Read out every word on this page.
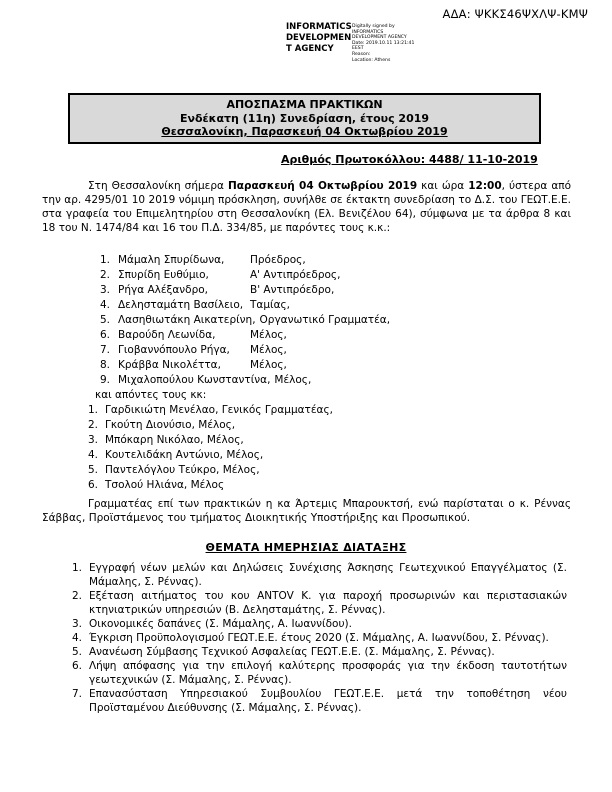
ΑΔΑ: ΨΚΚΣ46ΨΧΛΨ-ΚΜΨ
INFORMATICS
DEVELOPMEN
T AGENCY
Digitally signed by
INFORMATICS
DEVELOPMENT AGENCY
Date: 2019.10.11 13:21:41
EEST
Reason:
Location: Athens
ΑΠΟΣΠΑΣΜΑ ΠΡΑΚΤΙΚΩΝ
Ενδέκατη (11η) Συνεδρίαση, έτους 2019
Θεσσαλονίκη, Παρασκευή 04 Οκτωβρίου 2019
Αριθμός Πρωτοκόλλου: 4488/ 11-10-2019
Στη Θεσσαλονίκη σήμερα Παρασκευή 04 Οκτωβρίου 2019 και ώρα 12:00, ύστερα από την αρ. 4295/01 10 2019 νόμιμη πρόσκληση, συνήλθε σε έκτακτη συνεδρίαση το Δ.Σ. του ΓΕΩΤ.Ε.Ε. στα γραφεία του Επιμελητηρίου στη Θεσσαλονίκη (Ελ. Βενιζέλου 64), σύμφωνα με τα άρθρα 8 και 18 του Ν. 1474/84 και 16 του Π.Δ. 334/85, με παρόντες τους κ.κ.:
1. Μάμαλη Σπυρίδωνα,	Πρόεδρος,
2. Σπυρίδη Ευθύμιο,	Α' Αντιπρόεδρος,
3. Ρήγα Αλέξανδρο,	Β' Αντιπρόεδρο,
4. Δελησταμάτη Βασίλειο, Ταμίας,
5. Λασηθιωτάκη Αικατερίνη, Οργανωτικό Γραμματέα,
6. Βαρούδη Λεωνίδα,	Μέλος,
7. Γιοβαννόπουλο Ρήγα,	Μέλος,
8. Κράββα Νικολέττα,	Μέλος,
9. Μιχαλοπούλου Κωνσταντίνα, Μέλος,
και απόντες τους κκ:
1. Γαρδικιώτη Μενέλαο, Γενικός Γραμματέας,
2. Γκούτη Διονύσιο, Μέλος,
3. Μπόκαρη Νικόλαο, Μέλος,
4. Κουτελιδάκη Αντώνιο, Μέλος,
5. Παντελόγλου Τεύκρο, Μέλος,
6. Τσολού Ηλιάνα, Μέλος
Γραμματέας επί των πρακτικών η κα Άρτεμις Μπαρουκτσή, ενώ παρίσταται ο κ. Ρέννας Σάββας, Προϊστάμενος του τμήματος Διοικητικής Υποστήριξης και Προσωπικού.
ΘΕΜΑΤΑ ΗΜΕΡΗΣΙΑΣ ΔΙΑΤΑΞΗΣ
1. Εγγραφή νέων μελών και Δηλώσεις Συνέχισης Άσκησης Γεωτεχνικού Επαγγέλματος (Σ. Μάμαλης, Σ. Ρέννας).
2. Εξέταση αιτήματος του κου ANTOV Κ. για παροχή προσωρινών και περιστασιακών κτηνιατρικών υπηρεσιών (Β. Δελησταμάτης, Σ. Ρέννας).
3. Οικονομικές δαπάνες (Σ. Μάμαλης, Α. Ιωαννίδου).
4. Έγκριση Προϋπολογισμού ΓΕΩΤ.Ε.Ε. έτους 2020 (Σ. Μάμαλης, Α. Ιωαννίδου, Σ. Ρέννας).
5. Ανανέωση Σύμβασης Τεχνικού Ασφαλείας ΓΕΩΤ.Ε.Ε. (Σ. Μάμαλης, Σ. Ρέννας).
6. Λήψη απόφασης για την επιλογή καλύτερης προσφοράς για την έκδοση ταυτοτήτων γεωτεχνικών (Σ. Μάμαλης, Σ. Ρέννας).
7. Επανασύσταση Υπηρεσιακού Συμβουλίου ΓΕΩΤ.Ε.Ε. μετά την τοποθέτηση νέου Προϊσταμένου Διεύθυνσης (Σ. Μάμαλης, Σ. Ρέννας).
